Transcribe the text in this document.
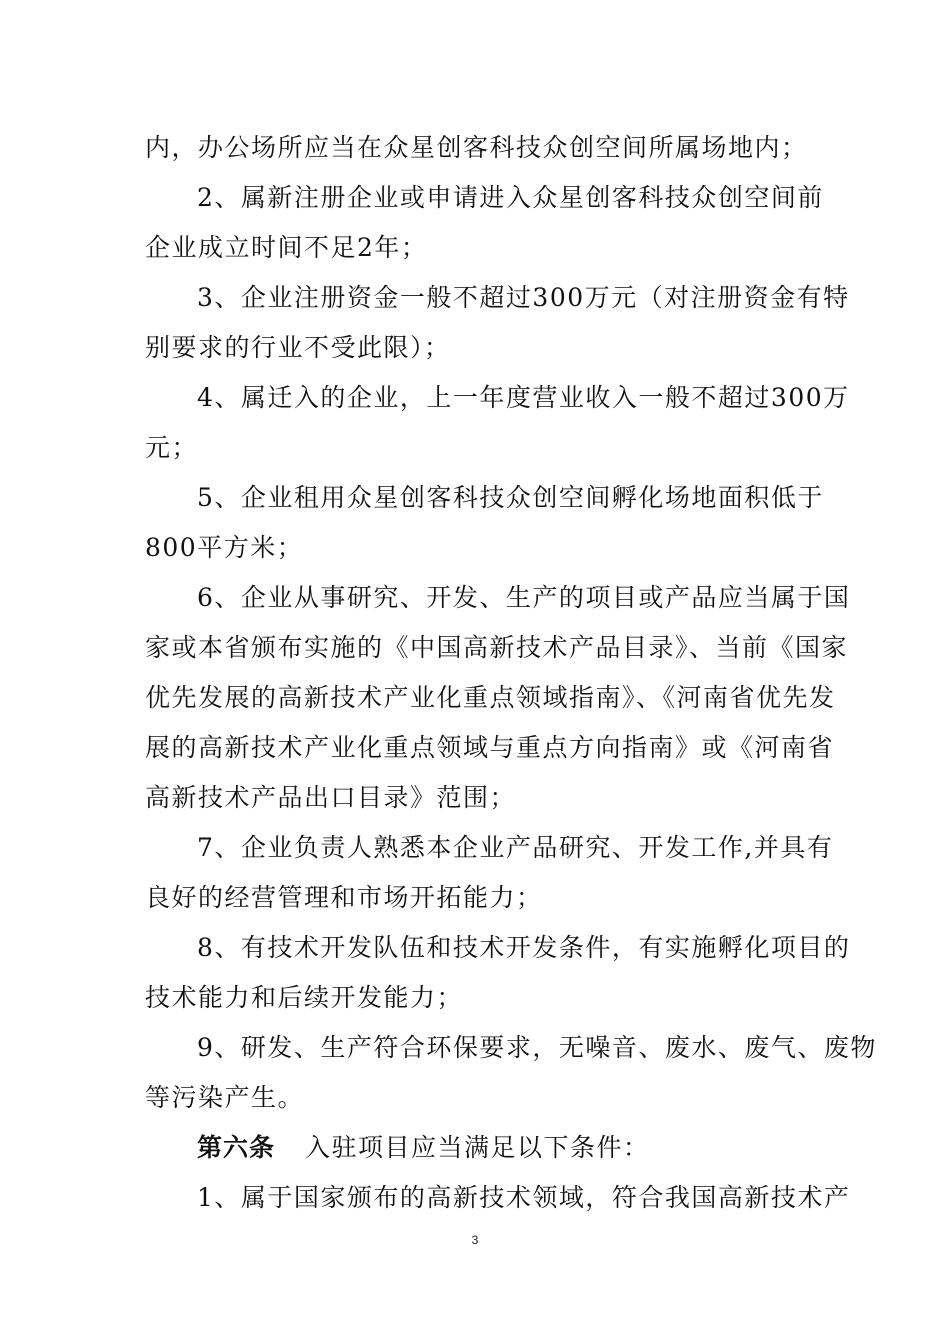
内，办公场所应当在众星创客科技众创空间所属场地内；
2、属新注册企业或申请进入众星创客科技众创空间前
企业成立时间不足2年；
3、企业注册资金一般不超过300万元（对注册资金有特
别要求的行业不受此限）；
4、属迁入的企业，上一年度营业收入一般不超过300万
元；
5、企业租用众星创客科技众创空间孵化场地面积低于
800平方米；
6、企业从事研究、开发、生产的项目或产品应当属于国
家或本省颁布实施的《中国高新技术产品目录》、当前《国家
优先发展的高新技术产业化重点领域指南》、《河南省优先发
展的高新技术产业化重点领域与重点方向指南》或《河南省
高新技术产品出口目录》范围；
7、企业负责人熟悉本企业产品研究、开发工作,并具有
良好的经营管理和市场开拓能力；
8、有技术开发队伍和技术开发条件，有实施孵化项目的
技术能力和后续开发能力；
9、研发、生产符合环保要求，无噪音、废水、废气、废物
等污染产生。
第六条 入驻项目应当满足以下条件：
1、属于国家颁布的高新技术领域，符合我国高新技术产
3
